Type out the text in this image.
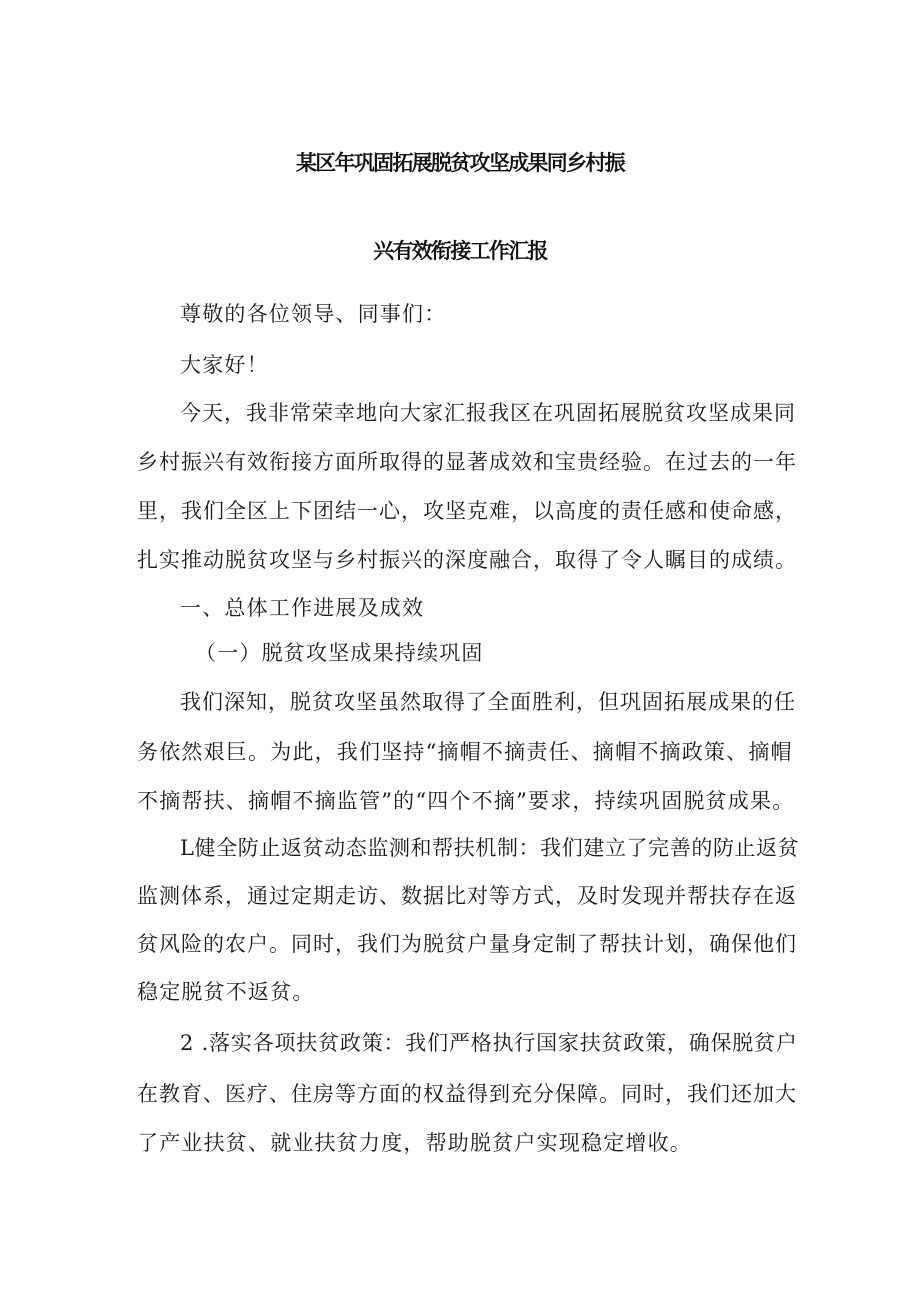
某区年巩固拓展脱贫攻坚成果同乡村振
兴有效衔接工作汇报
尊敬的各位领导、同事们：
大家好！
今天，我非常荣幸地向大家汇报我区在巩固拓展脱贫攻坚成果同
乡村振兴有效衔接方面所取得的显著成效和宝贵经验。在过去的一年
里，我们全区上下团结一心，攻坚克难，以高度的责任感和使命感，
扎实推动脱贫攻坚与乡村振兴的深度融合，取得了令人瞩目的成绩。
一、总体工作进展及成效
（一）脱贫攻坚成果持续巩固
我们深知，脱贫攻坚虽然取得了全面胜利，但巩固拓展成果的任
务依然艰巨。为此，我们坚持“摘帽不摘责任、摘帽不摘政策、摘帽
不摘帮扶、摘帽不摘监管”的“四个不摘”要求，持续巩固脱贫成果。
L健全防止返贫动态监测和帮扶机制：我们建立了完善的防止返贫
监测体系，通过定期走访、数据比对等方式，及时发现并帮扶存在返
贫风险的农户。同时，我们为脱贫户量身定制了帮扶计划，确保他们
稳定脱贫不返贫。
2 .落实各项扶贫政策：我们严格执行国家扶贫政策，确保脱贫户
在教育、医疗、住房等方面的权益得到充分保障。同时，我们还加大
了产业扶贫、就业扶贫力度，帮助脱贫户实现稳定增收。
